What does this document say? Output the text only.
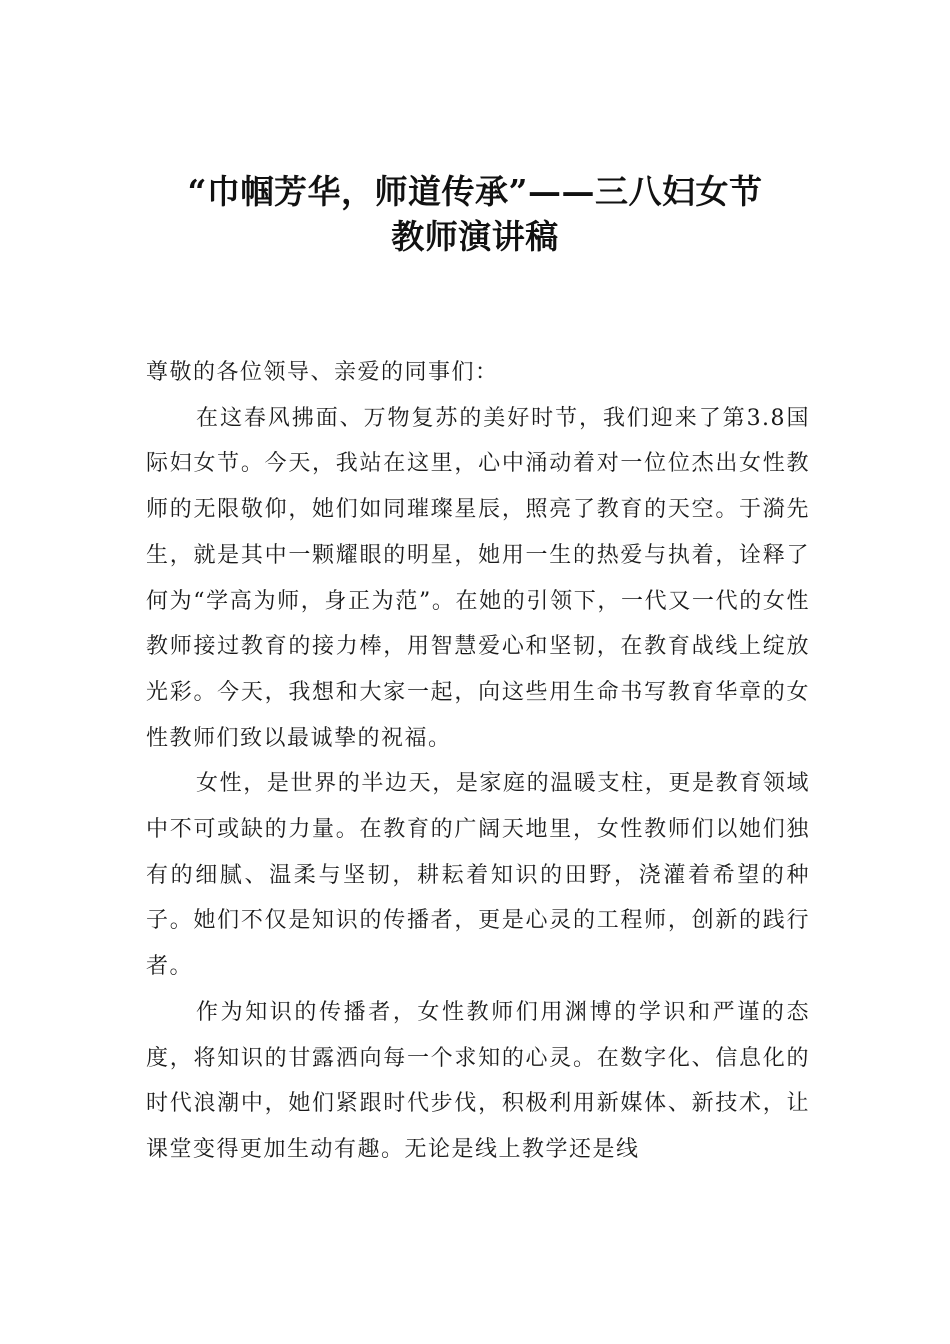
“巾帼芳华，师道传承”——三八妇女节
教师演讲稿

尊敬的各位领导、亲爱的同事们：

在这春风拂面、万物复苏的美好时节，我们迎来了第3.8国际妇女节。今天，我站在这里，心中涌动着对一位位杰出女性教师的无限敬仰，她们如同璀璨星辰，照亮了教育的天空。于漪先生，就是其中一颗耀眼的明星，她用一生的热爱与执着，诠释了何为“学高为师，身正为范”。在她的引领下，一代又一代的女性教师接过教育的接力棒，用智慧爱心和坚韧，在教育战线上绽放光彩。今天，我想和大家一起，向这些用生命书写教育华章的女性教师们致以最诚挚的祝福。

女性，是世界的半边天，是家庭的温暖支柱，更是教育领域中不可或缺的力量。在教育的广阔天地里，女性教师们以她们独有的细腻、温柔与坚韧，耕耘着知识的田野，浇灌着希望的种子。她们不仅是知识的传播者，更是心灵的工程师，创新的践行者。

作为知识的传播者，女性教师们用渊博的学识和严谨的态度，将知识的甘露洒向每一个求知的心灵。在数字化、信息化的时代浪潮中，她们紧跟时代步伐，积极利用新媒体、新技术，让课堂变得更加生动有趣。无论是线上教学还是线
